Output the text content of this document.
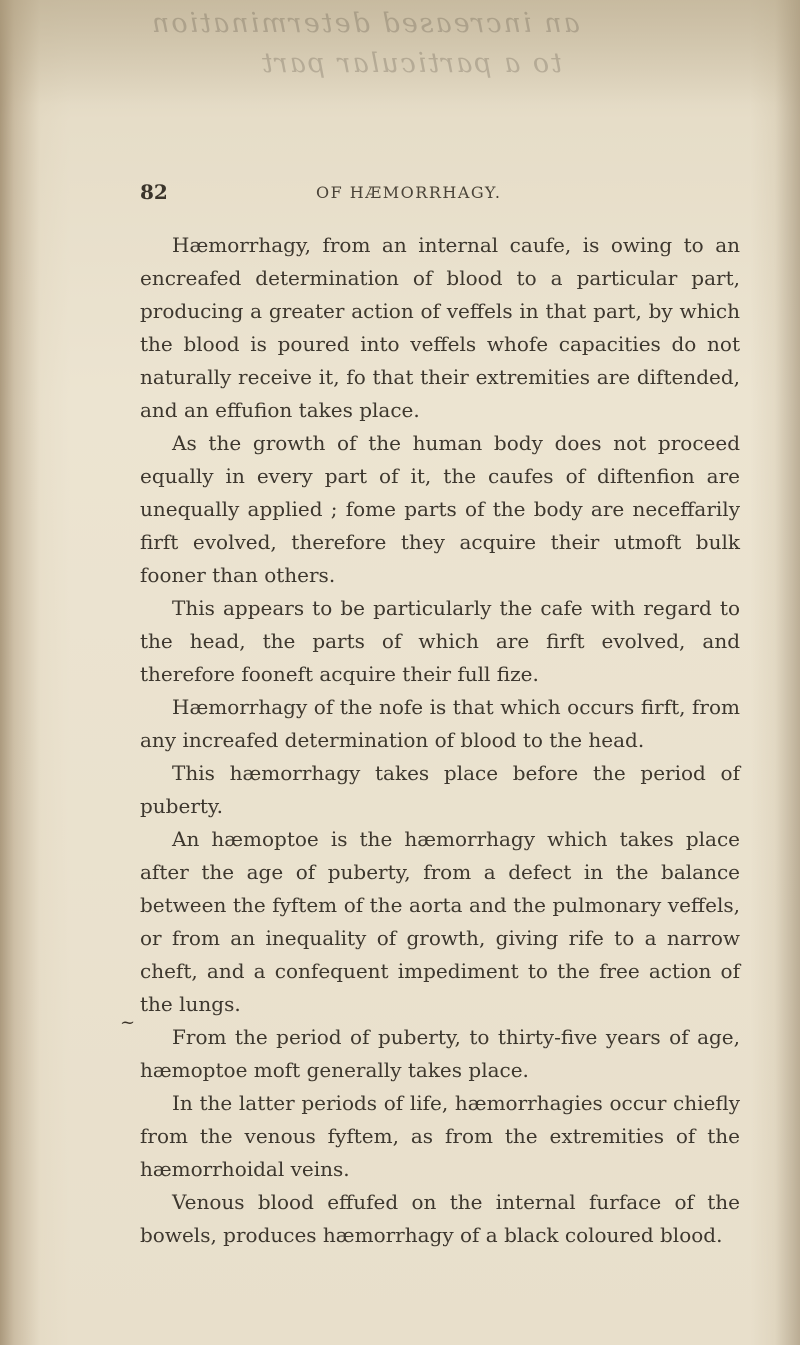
an increased determination
to a particular part
82	OF HÆMORRHAGY.
~

Hæmorrhagy, from an internal caufe, is owing to an encreafed determination of blood to a particular part, producing a greater action of veffels in that part, by which the blood is poured into veffels whofe capacities do not naturally receive it, fo that their extremities are diftended, and an effufion takes place.

As the growth of the human body does not proceed equally in every part of it, the caufes of diftenfion are unequally applied ; fome parts of the body are neceffarily firft evolved, therefore they acquire their utmoft bulk fooner than others.

This appears to be particularly the cafe with regard to the head, the parts of which are firft evolved, and therefore fooneft acquire their full fize.

Hæmorrhagy of the nofe is that which occurs firft, from any increafed determination of blood to the head.

This hæmorrhagy takes place before the period of puberty.

An hæmoptoe is the hæmorrhagy which takes place after the age of puberty, from a defect in the balance between the fyftem of the aorta and the pulmonary veffels, or from an inequality of growth, giving rife to a narrow cheft, and a confequent impediment to the free action of the lungs.

From the period of puberty, to thirty-five years of age, hæmoptoe moft generally takes place.

In the latter periods of life, hæmorrhagies occur chiefly from the venous fyftem, as from the extremities of the hæmorrhoidal veins.

Venous blood effufed on the internal furface of the bowels, produces hæmorrhagy of a black coloured blood.
